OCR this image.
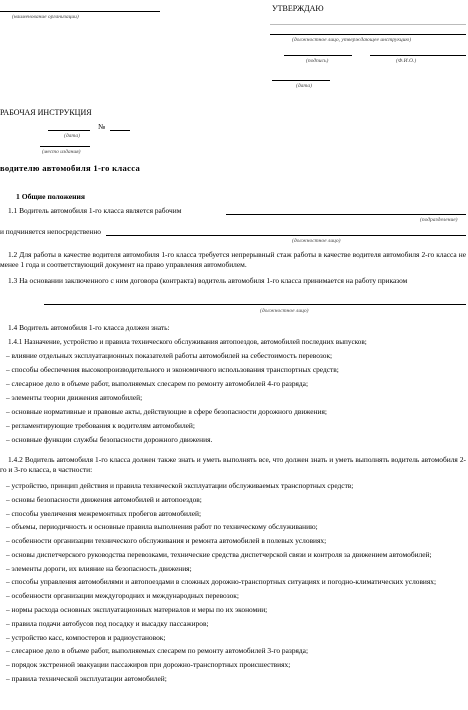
(наименование организации)
УТВЕРЖДАЮ
(должностное лицо, утверждающее инструкцию)
(подпись)	(Ф.И.О.)
(дата)
РАБОЧАЯ ИНСТРУКЦИЯ
№
(дата)
(место издания)
водителю автомобиля 1-го класса
1 Общие положения
1.1 Водитель автомобиля 1-го класса является рабочим
(подразделение)
и подчиняется непосредственно
(должностное лицо)
1.2 Для работы в качестве водителя автомобиля 1-го класса требуется непрерывный стаж работы в качестве водителя автомобиля 2-го класса не менее 1 года и соответствующий документ на право управления автомобилем.
1.3 На основании заключенного с ним договора (контракта) водитель автомобиля 1-го класса принимается на работу приказом
(должностное лицо)
1.4 Водитель автомобиля 1-го класса должен знать:
1.4.1 Назначение, устройство и правила технического обслуживания автопоездов, автомобилей последних выпусков;
– влияние отдельных эксплуатационных показателей работы автомобилей на себестоимость перевозок;
– способы обеспечения высокопроизводительного и экономичного использования транспортных средств;
– слесарное дело в объеме работ, выполняемых слесарем по ремонту автомобилей 4-го разряда;
– элементы теории движения автомобилей;
– основные нормативные и правовые акты, действующие в сфере безопасности дорожного движения;
– регламентирующие требования к водителям автомобилей;
– основные функции службы безопасности дорожного движения.
1.4.2 Водитель автомобиля 1-го класса должен также знать и уметь выполнять все, что должен знать и уметь выполнять водитель автомобиля 2-го и 3-го класса, в частности:
– устройство, принцип действия и правила технической эксплуатации обслуживаемых транспортных средств;
– основы безопасности движения автомобилей и автопоездов;
– способы увеличения межремонтных пробегов автомобилей;
– объемы, периодичность и основные правила выполнения работ по техническому обслуживанию;
– особенности организации технического обслуживания и ремонта автомобилей в полевых условиях;
– основы диспетчерского руководства перевозками, технические средства диспетчерской связи и контроля за движением автомобилей;
– элементы дороги, их влияние на безопасность движения;
– способы управления автомобилями и автопоездами в сложных дорожно-транспортных ситуациях и погодно-климатических условиях;
– особенности организации междугородних и международных перевозок;
– нормы расхода основных эксплуатационных материалов и меры по их экономии;
– правила подачи автобусов под посадку и высадку пассажиров;
– устройство касс, компостеров и радиоустановок;
– слесарное дело в объеме работ, выполняемых слесарем по ремонту автомобилей 3-го разряда;
– порядок экстренной эвакуации пассажиров при дорожно-транспортных происшествиях;
– правила технической эксплуатации автомобилей;
